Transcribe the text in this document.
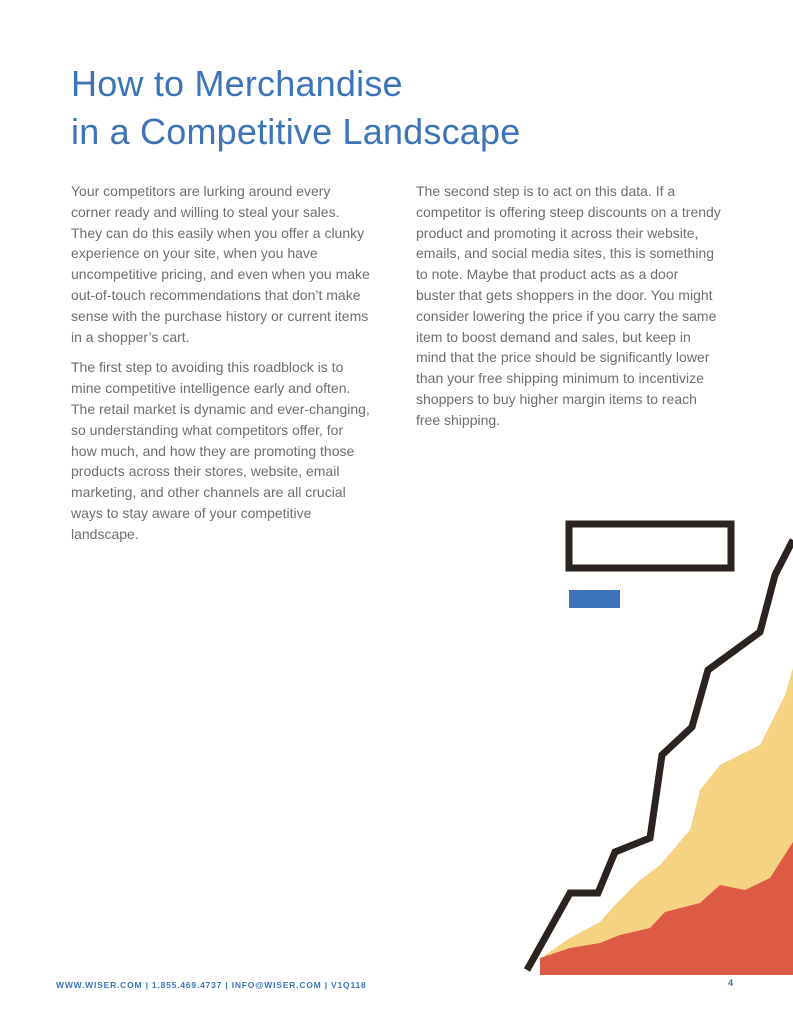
How to Merchandise
in a Competitive Landscape

Your competitors are lurking around every corner ready and willing to steal your sales. They can do this easily when you offer a clunky experience on your site, when you have uncompetitive pricing, and even when you make out-of-touch recommendations that don’t make sense with the purchase history or current items in a shopper’s cart.

The first step to avoiding this roadblock is to mine competitive intelligence early and often. The retail market is dynamic and ever-changing, so understanding what competitors offer, for how much, and how they are promoting those products across their stores, website, email marketing, and other channels are all crucial ways to stay aware of your competitive landscape.

The second step is to act on this data. If a competitor is offering steep discounts on a trendy product and promoting it across their website, emails, and social media sites, this is something to note. Maybe that product acts as a door buster that gets shoppers in the door. You might consider lowering the price if you carry the same item to boost demand and sales, but keep in mind that the price should be significantly lower than your free shipping minimum to incentivize shoppers to buy higher margin items to reach free shipping.

WWW.WISER.COM | 1.855.469.4737 | INFO@WISER.COM | V1Q118	4
